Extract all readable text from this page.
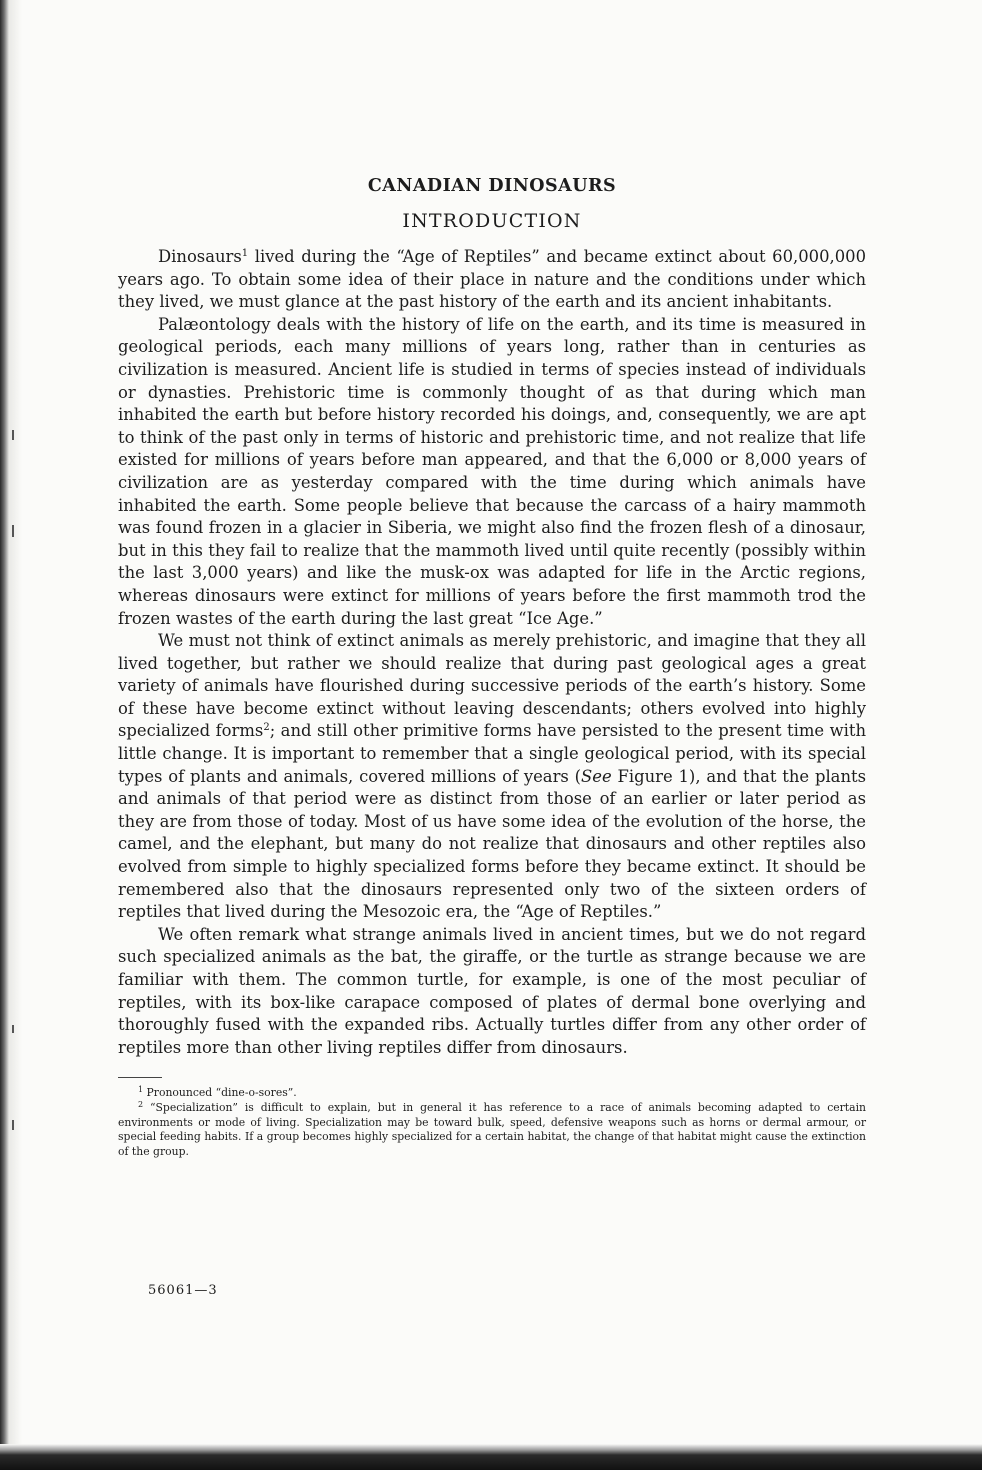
CANADIAN DINOSAURS
INTRODUCTION

Dinosaurs$^1$ lived during the “Age of Reptiles” and became extinct about 60,000,000 years ago. To obtain some idea of their place in nature and the conditions under which they lived, we must glance at the past history of the earth and its ancient inhabitants.

Palæontology deals with the history of life on the earth, and its time is measured in geological periods, each many millions of years long, rather than in centuries as civilization is measured. Ancient life is studied in terms of species instead of individuals or dynasties. Prehistoric time is commonly thought of as that during which man inhabited the earth but before history recorded his doings, and, consequently, we are apt to think of the past only in terms of historic and prehistoric time, and not realize that life existed for millions of years before man appeared, and that the 6,000 or 8,000 years of civilization are as yesterday compared with the time during which animals have inhabited the earth. Some people believe that because the carcass of a hairy mammoth was found frozen in a glacier in Siberia, we might also find the frozen flesh of a dinosaur, but in this they fail to realize that the mammoth lived until quite recently (possibly within the last 3,000 years) and like the musk-ox was adapted for life in the Arctic regions, whereas dinosaurs were extinct for millions of years before the first mammoth trod the frozen wastes of the earth during the last great “Ice Age.”

We must not think of extinct animals as merely prehistoric, and imagine that they all lived together, but rather we should realize that during past geological ages a great variety of animals have flourished during successive periods of the earth’s history. Some of these have become extinct without leaving descendants; others evolved into highly specialized forms$^2$; and still other primitive forms have persisted to the present time with little change. It is important to remember that a single geological period, with its special types of plants and animals, covered millions of years (See Figure 1), and that the plants and animals of that period were as distinct from those of an earlier or later period as they are from those of today. Most of us have some idea of the evolution of the horse, the camel, and the elephant, but many do not realize that dinosaurs and other reptiles also evolved from simple to highly specialized forms before they became extinct. It should be remembered also that the dinosaurs represented only two of the sixteen orders of reptiles that lived during the Mesozoic era, the “Age of Reptiles.”

We often remark what strange animals lived in ancient times, but we do not regard such specialized animals as the bat, the giraffe, or the turtle as strange because we are familiar with them. The common turtle, for example, is one of the most peculiar of reptiles, with its box-like carapace composed of plates of dermal bone overlying and thoroughly fused with the expanded ribs. Actually turtles differ from any other order of reptiles more than other living reptiles differ from dinosaurs.

$^1$ Pronounced “dine-o-sores”.

$^2$ “Specialization” is difficult to explain, but in general it has reference to a race of animals becoming adapted to certain environments or mode of living. Specialization may be toward bulk, speed, defensive weapons such as horns or dermal armour, or special feeding habits. If a group becomes highly specialized for a certain habitat, the change of that habitat might cause the extinction of the group.

56061—3
